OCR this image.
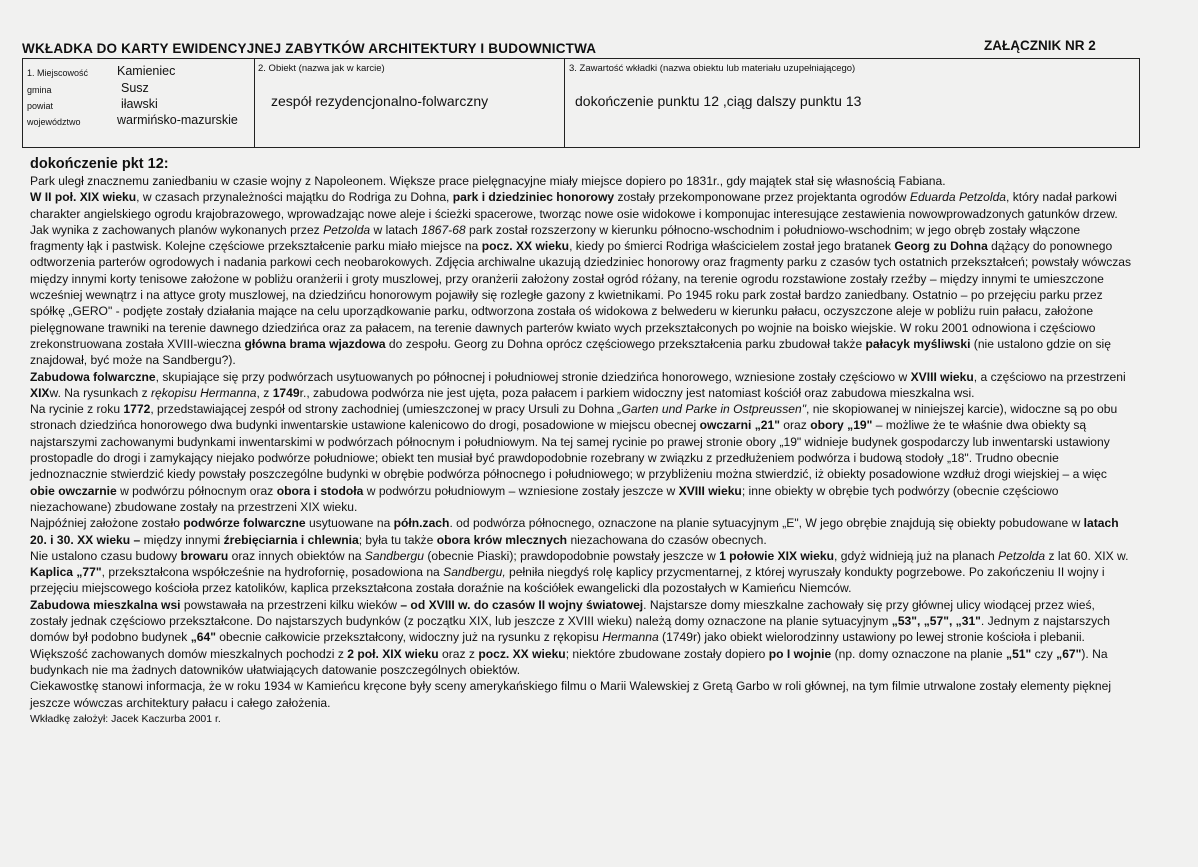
WKŁADKA DO KARTY EWIDENCYJNEJ ZABYTKÓW ARCHITEKTURY I BUDOWNICTWA	ZAŁĄCZNIK NR 2
1. Miejscowość Kamieniec
gmina	Susz
powiat	iławski
województwo	warmińsko-mazurskie
2. Obiekt (nazwa jak w karcie)
zespół rezydencjonalno-folwarczny
3. Zawartość wkładki (nazwa obiektu lub materiału uzupełniającego)
dokończenie punktu 12 ,ciąg dalszy punktu 13

dokończenie pkt 12:

Park uległ znacznemu zaniedbaniu w czasie wojny z Napoleonem. Większe prace pielęgnacyjne miały miejsce dopiero po 1831r., gdy majątek stał się własnością Fabiana.
W II poł. XIX wieku, w czasach przynależności majątku do Rodriga zu Dohna, park i dziedziniec honorowy zostały przekomponowane przez projektanta ogrodów Eduarda Petzolda, który nadał parkowi charakter angielskiego ogrodu krajobrazowego, wprowadzając nowe aleje i ścieżki spacerowe, tworząc nowe osie widokowe i komponujac interesujące zestawienia nowowprowadzonych gatunków drzew. Jak wynika z zachowanych planów wykonanych przez Petzolda w latach 1867-68 park został rozszerzony w kierunku północno-wschodnim i południowo-wschodnim; w jego obręb zostały włączone fragmenty łąk i pastwisk. Kolejne częściowe przekształcenie parku miało miejsce na pocz. XX wieku, kiedy po śmierci Rodriga właścicielem został jego bratanek Georg zu Dohna dążący do ponownego odtworzenia parterów ogrodowych i nadania parkowi cech neobarokowych. Zdjęcia archiwalne ukazują dziedziniec honorowy oraz fragmenty parku z czasów tych ostatnich przekształceń; powstały wówczas między innymi korty tenisowe założone w pobliżu oranżerii i groty muszlowej, przy oranżerii założony został ogród różany, na terenie ogrodu rozstawione zostały rzeźby – między innymi te umieszczone wcześniej wewnątrz i na attyce groty muszlowej, na dziedzińcu honorowym pojawiły się rozległe gazony z kwietnikami. Po 1945 roku park został bardzo zaniedbany. Ostatnio – po przejęciu parku przez spółkę „GERO" - podjęte zostały działania mające na celu uporządkowanie parku, odtworzona została oś widokowa z belwederu w kierunku pałacu, oczyszczone aleje w pobliżu ruin pałacu, założone pielęgnowane trawniki na terenie dawnego dziedzińca oraz za pałacem, na terenie dawnych parterów kwiato wych przekształconych po wojnie na boisko wiejskie. W roku 2001 odnowiona i częściowo zrekonstruowana została XVIII-wieczna główna brama wjazdowa do zespołu. Georg zu Dohna oprócz częściowego przekształcenia parku zbudował także pałacyk myśliwski (nie ustalono gdzie on się znajdował, być może na Sandbergu?).

Zabudowa folwarczne, skupiające się przy podwórzach usytuowanych po północnej i południowej stronie dziedzińca honorowego, wzniesione zostały częściowo w XVIII wieku, a częściowo na przestrzeni XIXw. Na rysunkach z rękopisu Hermanna, z 1749r., zabudowa podwórza nie jest ujęta, poza pałacem i parkiem widoczny jest natomiast kościół oraz zabudowa mieszkalna wsi.

Na rycinie z roku 1772, przedstawiającej zespół od strony zachodniej (umieszczonej w pracy Ursuli zu Dohna „Garten und Parke in Ostpreussen", nie skopiowanej w niniejszej karcie), widoczne są po obu stronach dziedzińca honorowego dwa budynki inwentarskie ustawione kalenicowo do drogi, posadowione w miejscu obecnej owczarni „21" oraz obory „19" – możliwe że te właśnie dwa obiekty są najstarszymi zachowanymi budynkami inwentarskimi w podwórzach północnym i południowym. Na tej samej rycinie po prawej stronie obory „19" widnieje budynek gospodarczy lub inwentarski ustawiony prostopadle do drogi i zamykający niejako podwórze południowe; obiekt ten musiał być prawdopodobnie rozebrany w związku z przedłużeniem podwórza i budową stodoły „18". Trudno obecnie jednoznacznie stwierdzić kiedy powstały poszczególne budynki w obrębie podwórza północnego i południowego; w przybliżeniu można stwierdzić, iż obiekty posadowione wzdłuż drogi wiejskiej – a więc obie owczarnie w podwórzu północnym oraz obora i stodoła w podwórzu południowym – wzniesione zostały jeszcze w XVIII wieku; inne obiekty w obrębie tych podwórzy (obecnie częściowo niezachowane) zbudowane zostały na przestrzeni XIX wieku.

Najpóźniej założone zostało podwórze folwarczne usytuowane na półn.zach. od podwórza północnego, oznaczone na planie sytuacyjnym „E", W jego obrębie znajdują się obiekty pobudowane w latach 20. i 30. XX wieku – między innymi źrebięciarnia i chlewnia; była tu także obora krów mlecznych niezachowana do czasów obecnych.

Nie ustalono czasu budowy browaru oraz innych obiektów na Sandbergu (obecnie Piaski); prawdopodobnie powstały jeszcze w 1 połowie XIX wieku, gdyż widnieją już na planach Petzolda z lat 60. XIX w. Kaplica „77", przekształcona współcześnie na hydrofornię, posadowiona na Sandbergu, pełniła niegdyś rolę kaplicy przycmentarnej, z której wyruszały kondukty pogrzebowe. Po zakończeniu II wojny i przejęciu miejscowego kościoła przez katolików, kaplica przekształcona została doraźnie na kościółek ewangelicki dla pozostałych w Kamieńcu Niemców.

Zabudowa mieszkalna wsi powstawała na przestrzeni kilku wieków – od XVIII w. do czasów II wojny światowej. Najstarsze domy mieszkalne zachowały się przy głównej ulicy wiodącej przez wieś, zostały jednak częściowo przekształcone. Do najstarszych budynków (z początku XIX, lub jeszcze z XVIII wieku) należą domy oznaczone na planie sytuacyjnym „53", „57", „31". Jednym z najstarszych domów był podobno budynek „64" obecnie całkowicie przekształcony, widoczny już na rysunku z rękopisu Hermanna (1749r) jako obiekt wielorodzinny ustawiony po lewej stronie kościoła i plebanii. Większość zachowanych domów mieszkalnych pochodzi z 2 poł. XIX wieku oraz z pocz. XX wieku; niektóre zbudowane zostały dopiero po I wojnie (np. domy oznaczone na planie „51" czy „67"). Na budynkach nie ma żadnych datowników ułatwiających datowanie poszczególnych obiektów.

Ciekawostkę stanowi informacja, że w roku 1934 w Kamieńcu kręcone były sceny amerykańskiego filmu o Marii Walewskiej z Gretą Garbo w roli głównej, na tym filmie utrwalone zostały elementy pięknej jeszcze wówczas architektury pałacu i całego założenia.

Wkładkę założył: Jacek Kaczurba 2001 r.
